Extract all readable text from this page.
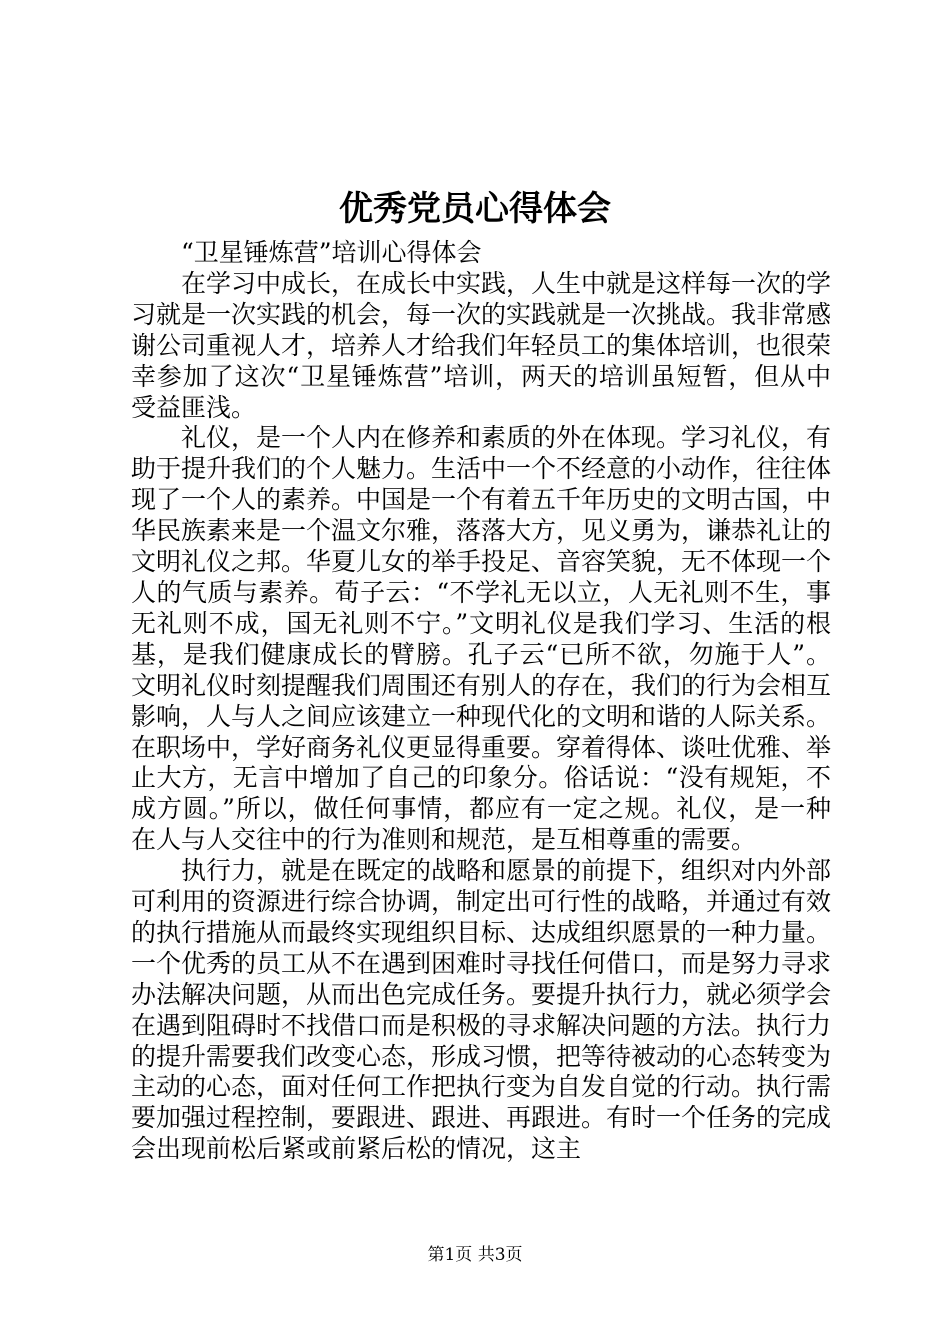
优秀党员心得体会

“卫星锤炼营”培训心得体会

在学习中成长，在成长中实践，人生中就是这样每一次的学习就是一次实践的机会，每一次的实践就是一次挑战。我非常感谢公司重视人才，培养人才给我们年轻员工的集体培训，也很荣幸参加了这次“卫星锤炼营”培训，两天的培训虽短暂，但从中受益匪浅。

礼仪，是一个人内在修养和素质的外在体现。学习礼仪，有助于提升我们的个人魅力。生活中一个不经意的小动作，往往体现了一个人的素养。中国是一个有着五千年历史的文明古国，中华民族素来是一个温文尔雅，落落大方，见义勇为，谦恭礼让的文明礼仪之邦。华夏儿女的举手投足、音容笑貌，无不体现一个人的气质与素养。荀子云：“不学礼无以立，人无礼则不生，事无礼则不成，国无礼则不宁。”文明礼仪是我们学习、生活的根基，是我们健康成长的臂膀。孔子云“已所不欲，勿施于人”。文明礼仪时刻提醒我们周围还有别人的存在，我们的行为会相互影响，人与人之间应该建立一种现代化的文明和谐的人际关系。在职场中，学好商务礼仪更显得重要。穿着得体、谈吐优雅、举止大方，无言中增加了自己的印象分。俗话说：“没有规矩，不成方圆。”所以，做任何事情，都应有一定之规。礼仪，是一种在人与人交往中的行为准则和规范，是互相尊重的需要。

执行力，就是在既定的战略和愿景的前提下，组织对内外部可利用的资源进行综合协调，制定出可行性的战略，并通过有效的执行措施从而最终实现组织目标、达成组织愿景的一种力量。一个优秀的员工从不在遇到困难时寻找任何借口，而是努力寻求办法解决问题，从而出色完成任务。要提升执行力，就必须学会在遇到阻碍时不找借口而是积极的寻求解决问题的方法。执行力的提升需要我们改变心态，形成习惯，把等待被动的心态转变为主动的心态，面对任何工作把执行变为自发自觉的行动。执行需要加强过程控制，要跟进、跟进、再跟进。有时一个任务的完成会出现前松后紧或前紧后松的情况，这主

第1页 共3页
